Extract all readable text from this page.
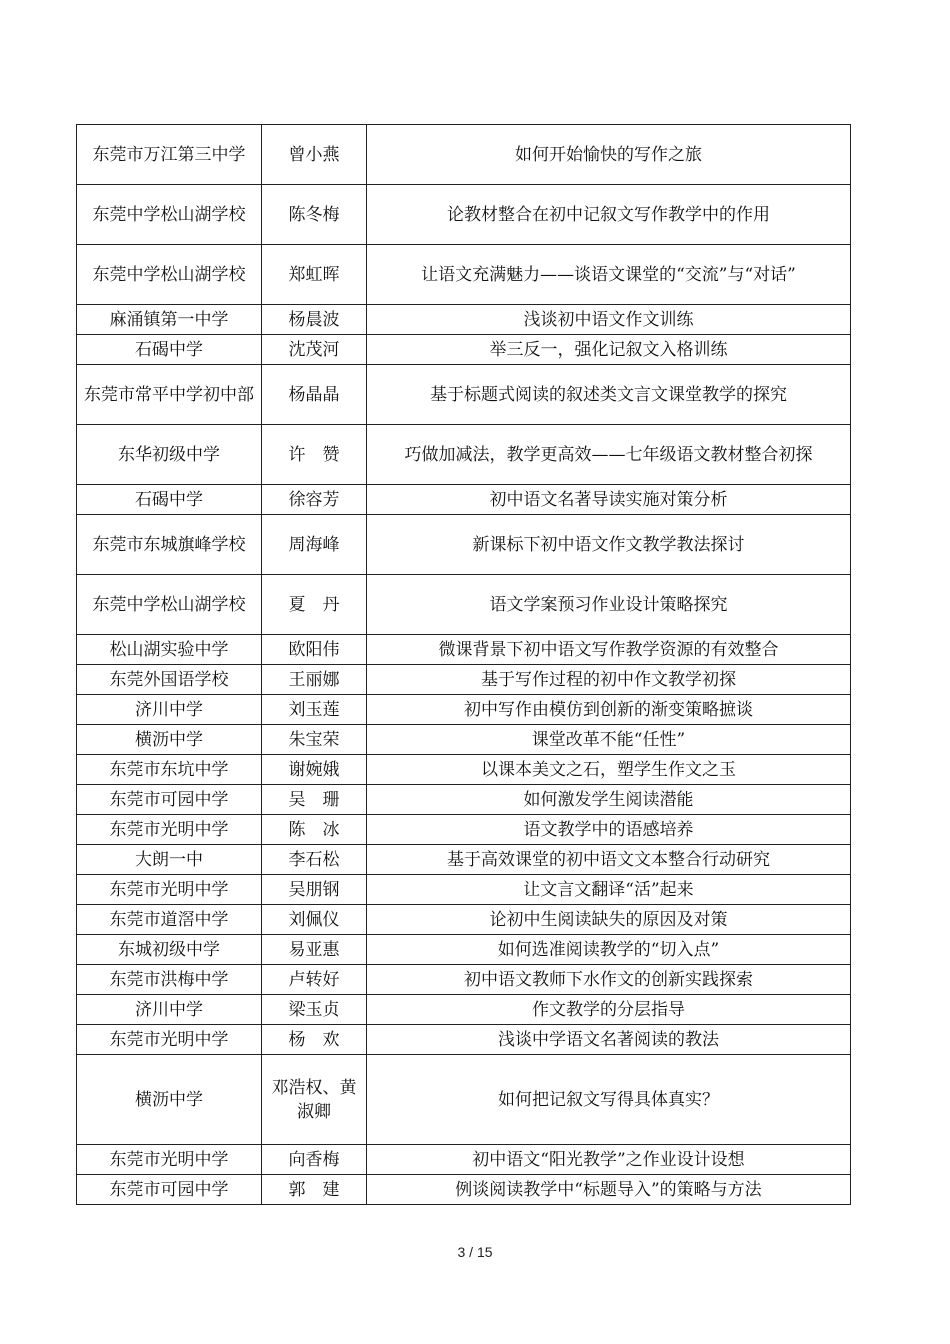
东莞市万江第三中学	曾小燕	如何开始愉快的写作之旅
东莞中学松山湖学校	陈冬梅	论教材整合在初中记叙文写作教学中的作用
东莞中学松山湖学校	郑虹晖	让语文充满魅力——谈语文课堂的“交流”与“对话”
麻涌镇第一中学	杨晨波	浅谈初中语文作文训练
石碣中学	沈茂河	举三反一，强化记叙文入格训练
东莞市常平中学初中部	杨晶晶	基于标题式阅读的叙述类文言文课堂教学的探究
东华初级中学	许　赞	巧做加减法，教学更高效——七年级语文教材整合初探
石碣中学	徐容芳	初中语文名著导读实施对策分析
东莞市东城旗峰学校	周海峰	新课标下初中语文作文教学教法探讨
东莞中学松山湖学校	夏　丹	语文学案预习作业设计策略探究
松山湖实验中学	欧阳伟	微课背景下初中语文写作教学资源的有效整合
东莞外国语学校	王丽娜	基于写作过程的初中作文教学初探
济川中学	刘玉莲	初中写作由模仿到创新的渐变策略摭谈
横沥中学	朱宝荣	课堂改革不能“任性”
东莞市东坑中学	谢婉娥	以课本美文之石，塑学生作文之玉
东莞市可园中学	吴　珊	如何激发学生阅读潜能
东莞市光明中学	陈　冰	语文教学中的语感培养
大朗一中	李石松	基于高效课堂的初中语文文本整合行动研究
东莞市光明中学	吴朋钢	让文言文翻译“活”起来
东莞市道滘中学	刘佩仪	论初中生阅读缺失的原因及对策
东城初级中学	易亚惠	如何选准阅读教学的“切入点”
东莞市洪梅中学	卢转好	初中语文教师下水作文的创新实践探索
济川中学	梁玉贞	作文教学的分层指导
东莞市光明中学	杨　欢	浅谈中学语文名著阅读的教法
横沥中学	邓浩权、黄淑卿	如何把记叙文写得具体真实？
东莞市光明中学	向香梅	初中语文“阳光教学”之作业设计设想
东莞市可园中学	郭　建	例谈阅读教学中“标题导入”的策略与方法
3 / 15
